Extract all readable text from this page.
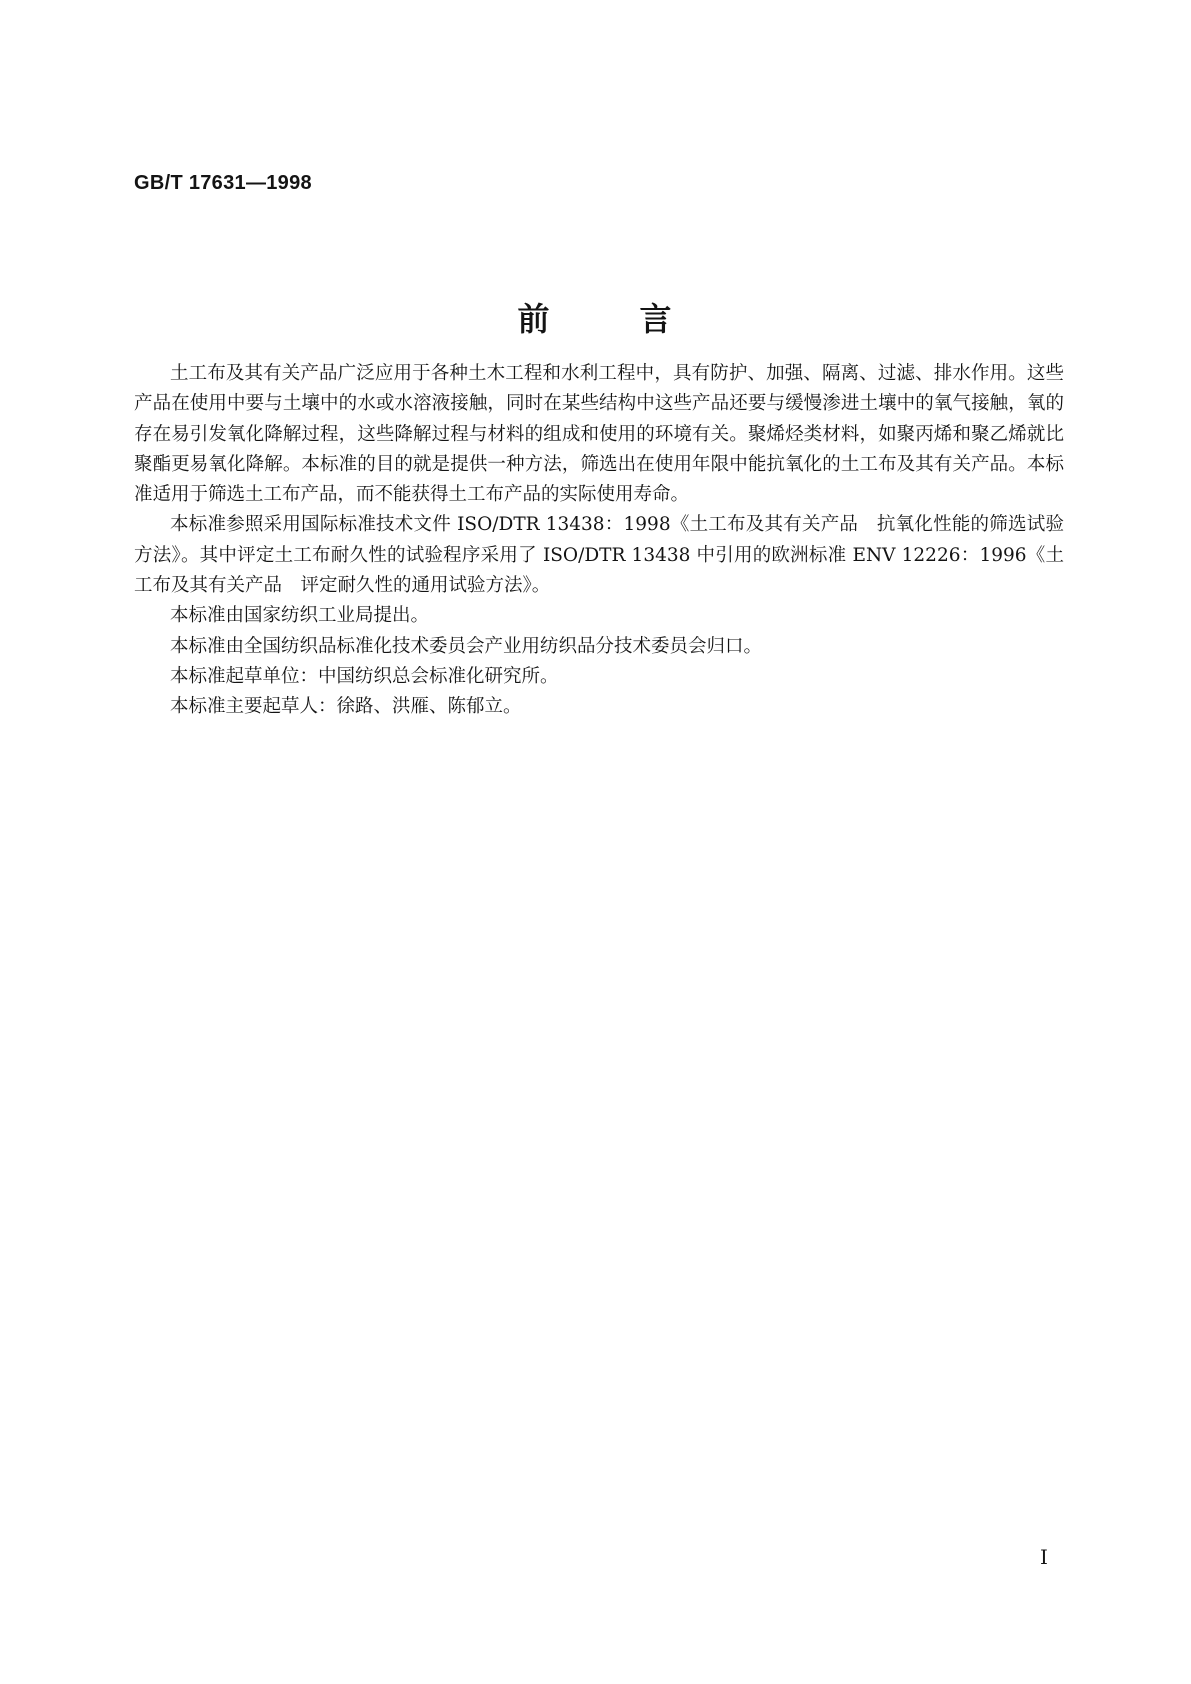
GB/T 17631—1998
前	言

土工布及其有关产品广泛应用于各种土木工程和水利工程中，具有防护、加强、隔离、过滤、排水作用。这些产品在使用中要与土壤中的水或水溶液接触，同时在某些结构中这些产品还要与缓慢渗进土壤中的氧气接触，氧的存在易引发氧化降解过程，这些降解过程与材料的组成和使用的环境有关。聚烯烃类材料，如聚丙烯和聚乙烯就比聚酯更易氧化降解。本标准的目的就是提供一种方法，筛选出在使用年限中能抗氧化的土工布及其有关产品。本标准适用于筛选土工布产品，而不能获得土工布产品的实际使用寿命。

本标准参照采用国际标准技术文件 ISO/DTR 13438：1998《土工布及其有关产品　抗氧化性能的筛选试验方法》。其中评定土工布耐久性的试验程序采用了 ISO/DTR 13438 中引用的欧洲标准 ENV 12226：1996《土工布及其有关产品　评定耐久性的通用试验方法》。

本标准由国家纺织工业局提出。

本标准由全国纺织品标准化技术委员会产业用纺织品分技术委员会归口。

本标准起草单位：中国纺织总会标准化研究所。

本标准主要起草人：徐路、洪雁、陈郁立。

I
